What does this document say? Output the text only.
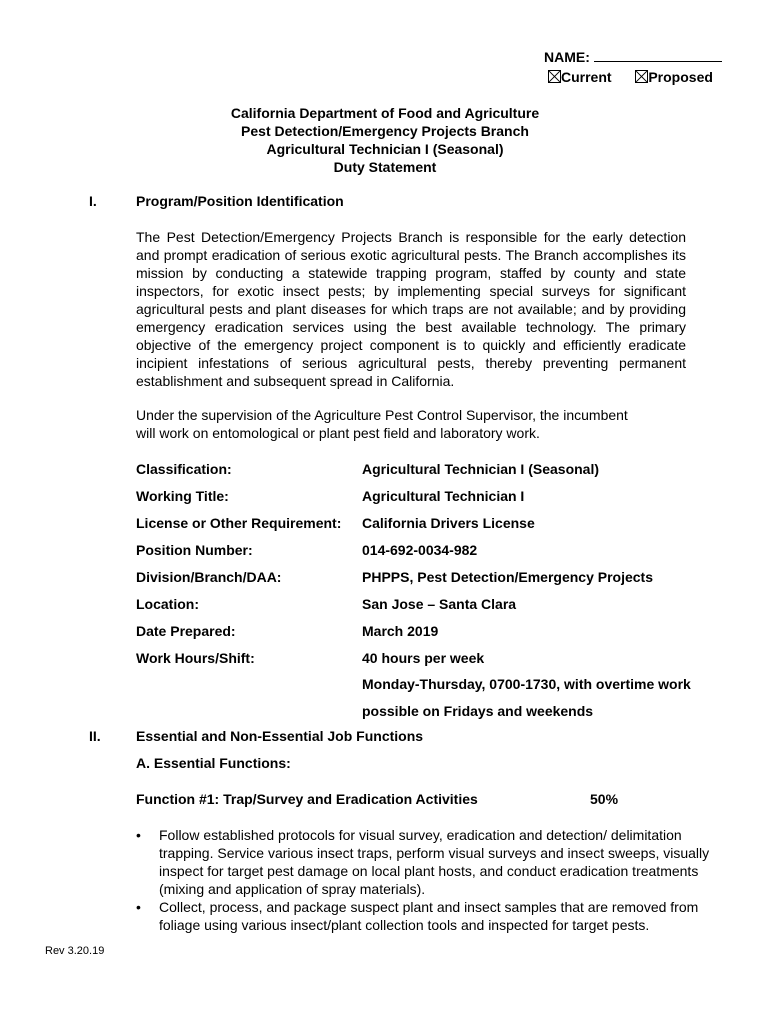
NAME:
Current	Proposed
California Department of Food and Agriculture
Pest Detection/Emergency Projects Branch
Agricultural Technician I (Seasonal)
Duty Statement
I.	Program/Position Identification
The Pest Detection/Emergency Projects Branch is responsible for the early detection and prompt eradication of serious exotic agricultural pests. The Branch accomplishes its mission by conducting a statewide trapping program, staffed by county and state inspectors, for exotic insect pests; by implementing special surveys for significant agricultural pests and plant diseases for which traps are not available; and by providing emergency eradication services using the best available technology. The primary objective of the emergency project component is to quickly and efficiently eradicate incipient infestations of serious agricultural pests, thereby preventing permanent establishment and subsequent spread in California.
Under the supervision of the Agriculture Pest Control Supervisor, the incumbent
will work on entomological or plant pest field and laboratory work.
Classification:	Agricultural Technician I (Seasonal)
Working Title:	Agricultural Technician I
License or Other Requirement: California Drivers License
Position Number:	014-692-0034-982
Division/Branch/DAA:	PHPPS, Pest Detection/Emergency Projects
Location:	San Jose – Santa Clara
Date Prepared:	March 2019
Work Hours/Shift:	40 hours per week
Monday-Thursday, 0700-1730, with overtime work
possible on Fridays and weekends
II.	Essential and Non-Essential Job Functions
A. Essential Functions:
Function #1: Trap/Survey and Eradication Activities	50%
• Follow established protocols for visual survey, eradication and detection/ delimitation trapping. Service various insect traps, perform visual surveys and insect sweeps, visually inspect for target pest damage on local plant hosts, and conduct eradication treatments (mixing and application of spray materials).
• Collect, process, and package suspect plant and insect samples that are removed from foliage using various insect/plant collection tools and inspected for target pests.
Rev 3.20.19
